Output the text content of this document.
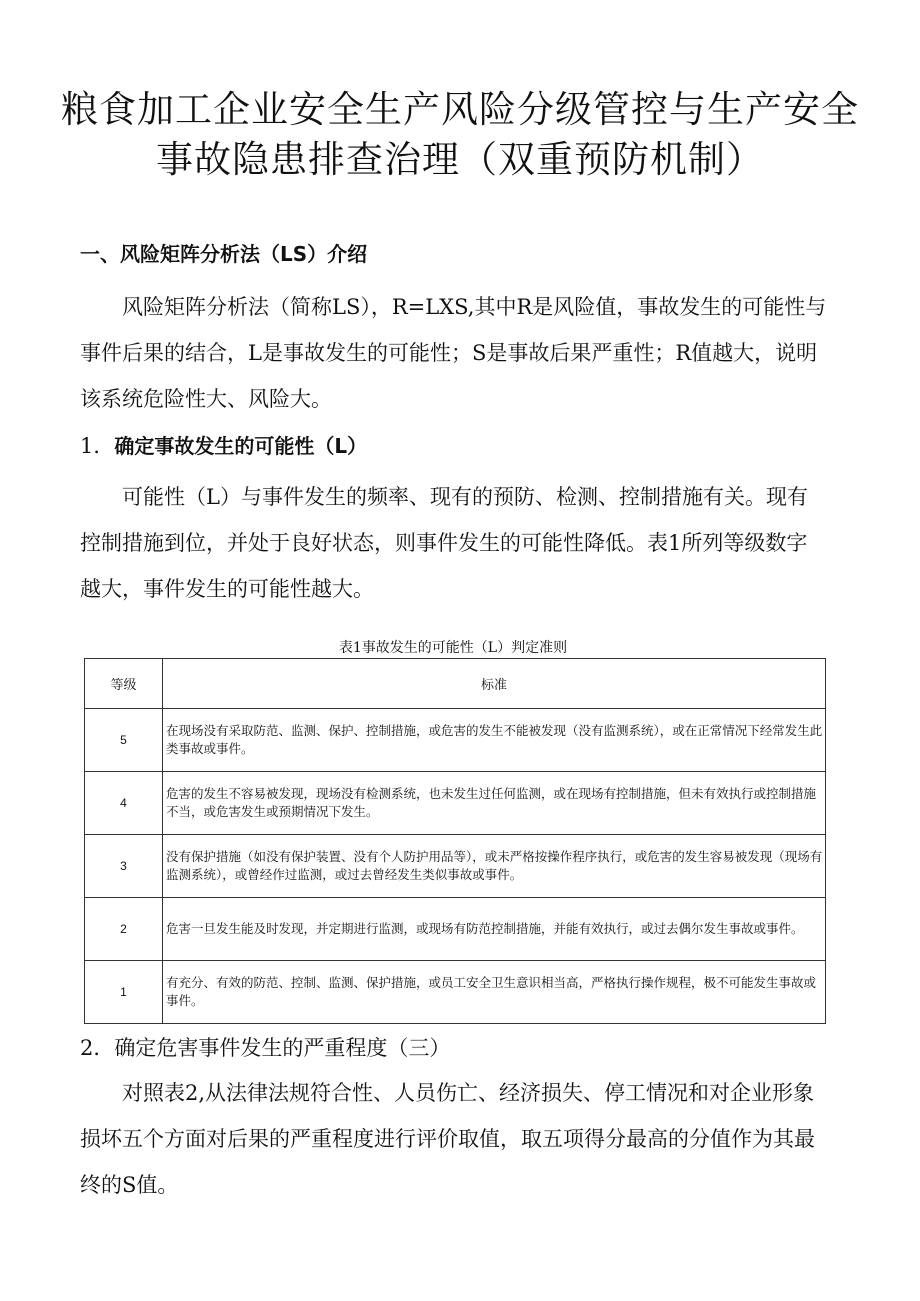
粮食加工企业安全生产风险分级管控与生产安全
事故隐患排查治理（双重预防机制）
一、风险矩阵分析法（LS）介绍
风险矩阵分析法（简称LS），R=LXS,其中R是风险值，事故发生的可能性与
事件后果的结合，L是事故发生的可能性；S是事故后果严重性；R值越大，说明
该系统危险性大、风险大。
1．确定事故发生的可能性（L）
可能性（L）与事件发生的频率、现有的预防、检测、控制措施有关。现有
控制措施到位，并处于良好状态，则事件发生的可能性降低。表1所列等级数字
越大，事件发生的可能性越大。
表1事故发生的可能性（L）判定准则
等级	标准
5	在现场没有采取防范、监测、保护、控制措施，或危害的发生不能被发现（没有监测系统），或在正常情况下经常发生此类事故或事件。
4	危害的发生不容易被发现，现场没有检测系统，也未发生过任何监测，或在现场有控制措施，但未有效执行或控制措施不当，或危害发生或预期情况下发生。
3	没有保护措施（如没有保护装置、没有个人防护用品等），或未严格按操作程序执行，或危害的发生容易被发现（现场有监测系统），或曾经作过监测，或过去曾经发生类似事故或事件。
2	危害一旦发生能及时发现，并定期进行监测，或现场有防范控制措施，并能有效执行，或过去偶尔发生事故或事件。
1	有充分、有效的防范、控制、监测、保护措施，或员工安全卫生意识相当高，严格执行操作规程，极不可能发生事故或事件。
2．确定危害事件发生的严重程度（三）
对照表2,从法律法规符合性、人员伤亡、经济损失、停工情况和对企业形象
损坏五个方面对后果的严重程度进行评价取值，取五项得分最高的分值作为其最
终的S值。
